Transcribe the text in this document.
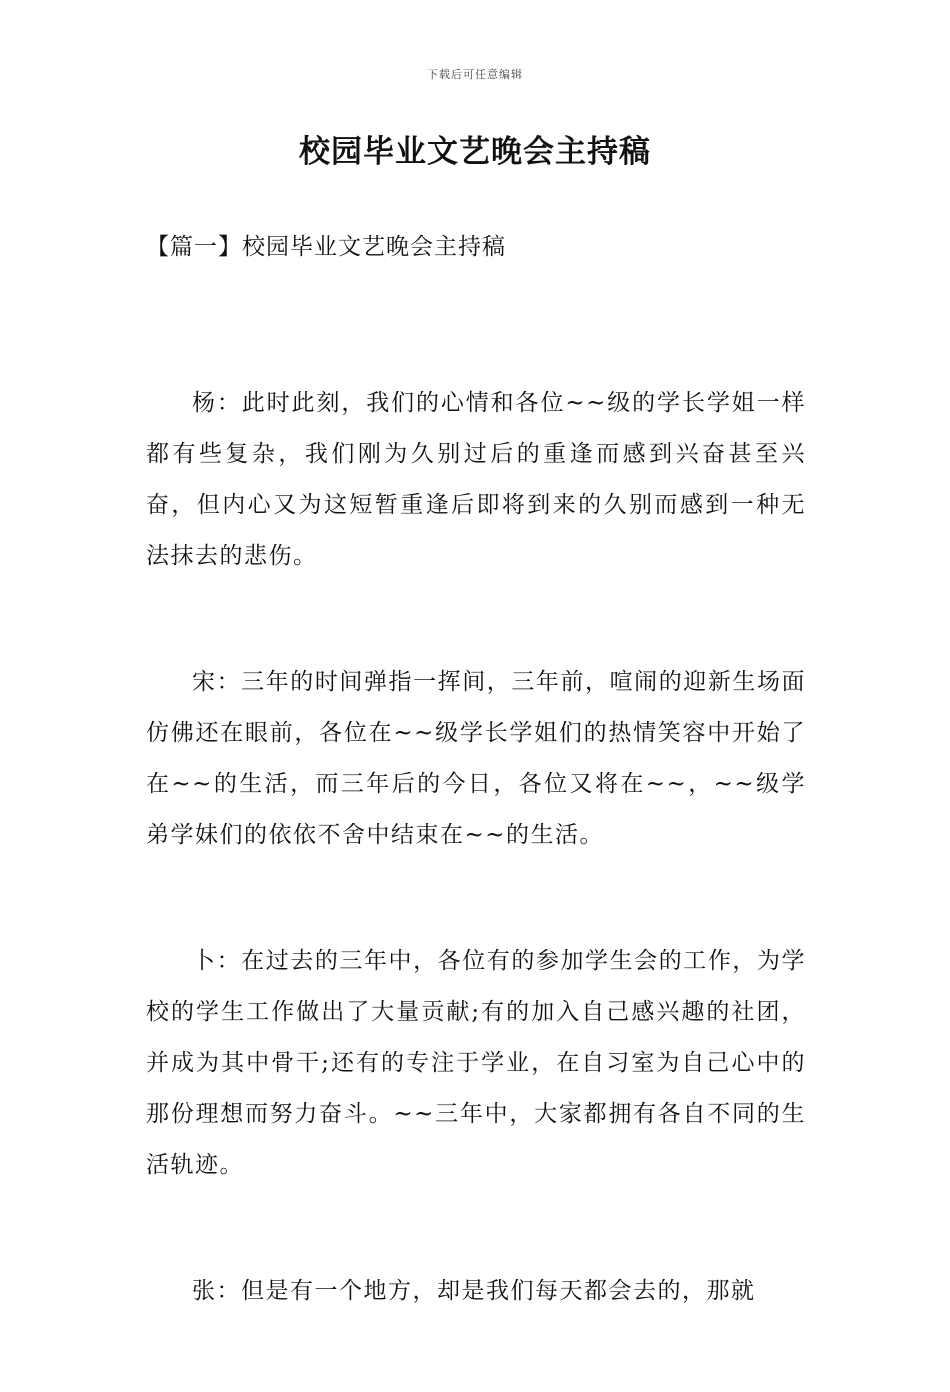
下载后可任意编辑
校园毕业文艺晚会主持稿
【篇一】校园毕业文艺晚会主持稿

杨：此时此刻，我们的心情和各位~~级的学长学姐一样都有些复杂，我们刚为久别过后的重逢而感到兴奋甚至兴奋，但内心又为这短暂重逢后即将到来的久别而感到一种无法抹去的悲伤。

宋：三年的时间弹指一挥间，三年前，喧闹的迎新生场面仿佛还在眼前，各位在~~级学长学姐们的热情笑容中开始了在~~的生活，而三年后的今日，各位又将在~~，~~级学弟学妹们的依依不舍中结束在~~的生活。

卜：在过去的三年中，各位有的参加学生会的工作，为学校的学生工作做出了大量贡献;有的加入自己感兴趣的社团，并成为其中骨干;还有的专注于学业，在自习室为自己心中的那份理想而努力奋斗。~~三年中，大家都拥有各自不同的生活轨迹。

张：但是有一个地方，却是我们每天都会去的，那就
